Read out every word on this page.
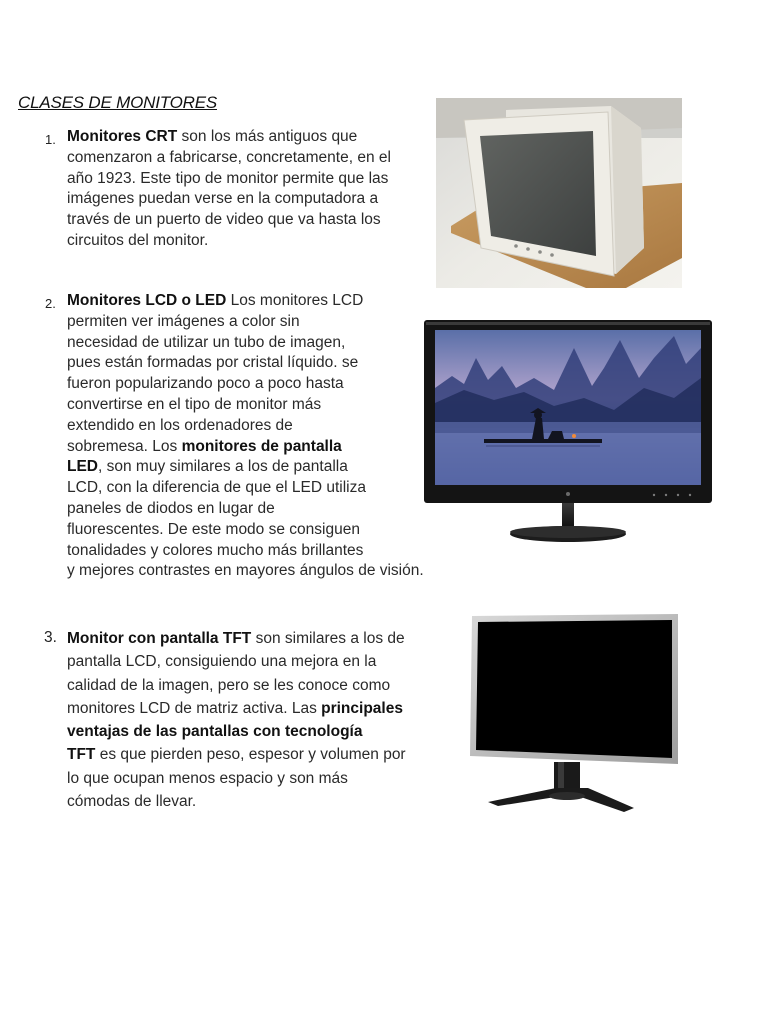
CLASES DE MONITORES
1. Monitores CRT son los más antiguos que
comenzaron a fabricarse, concretamente, en el
año 1923. Este tipo de monitor permite que las
imágenes puedan verse en la computadora a
través de un puerto de video que va hasta los
circuitos del monitor.
2. Monitores LCD o LED Los monitores LCD
permiten ver imágenes a color sin
necesidad de utilizar un tubo de imagen,
pues están formadas por cristal líquido. se
fueron popularizando poco a poco hasta
convertirse en el tipo de monitor más
extendido en los ordenadores de
sobremesa. Los monitores de pantalla
LED, son muy similares a los de pantalla
LCD, con la diferencia de que el LED utiliza
paneles de diodos en lugar de
fluorescentes. De este modo se consiguen
tonalidades y colores mucho más brillantes
y mejores contrastes en mayores ángulos de visión.
3. Monitor con pantalla TFT son similares a los de
pantalla LCD, consiguiendo una mejora en la
calidad de la imagen, pero se les conoce como
monitores LCD de matriz activa. Las principales
ventajas de las pantallas con tecnología
TFT es que pierden peso, espesor y volumen por
lo que ocupan menos espacio y son más
cómodas de llevar.
